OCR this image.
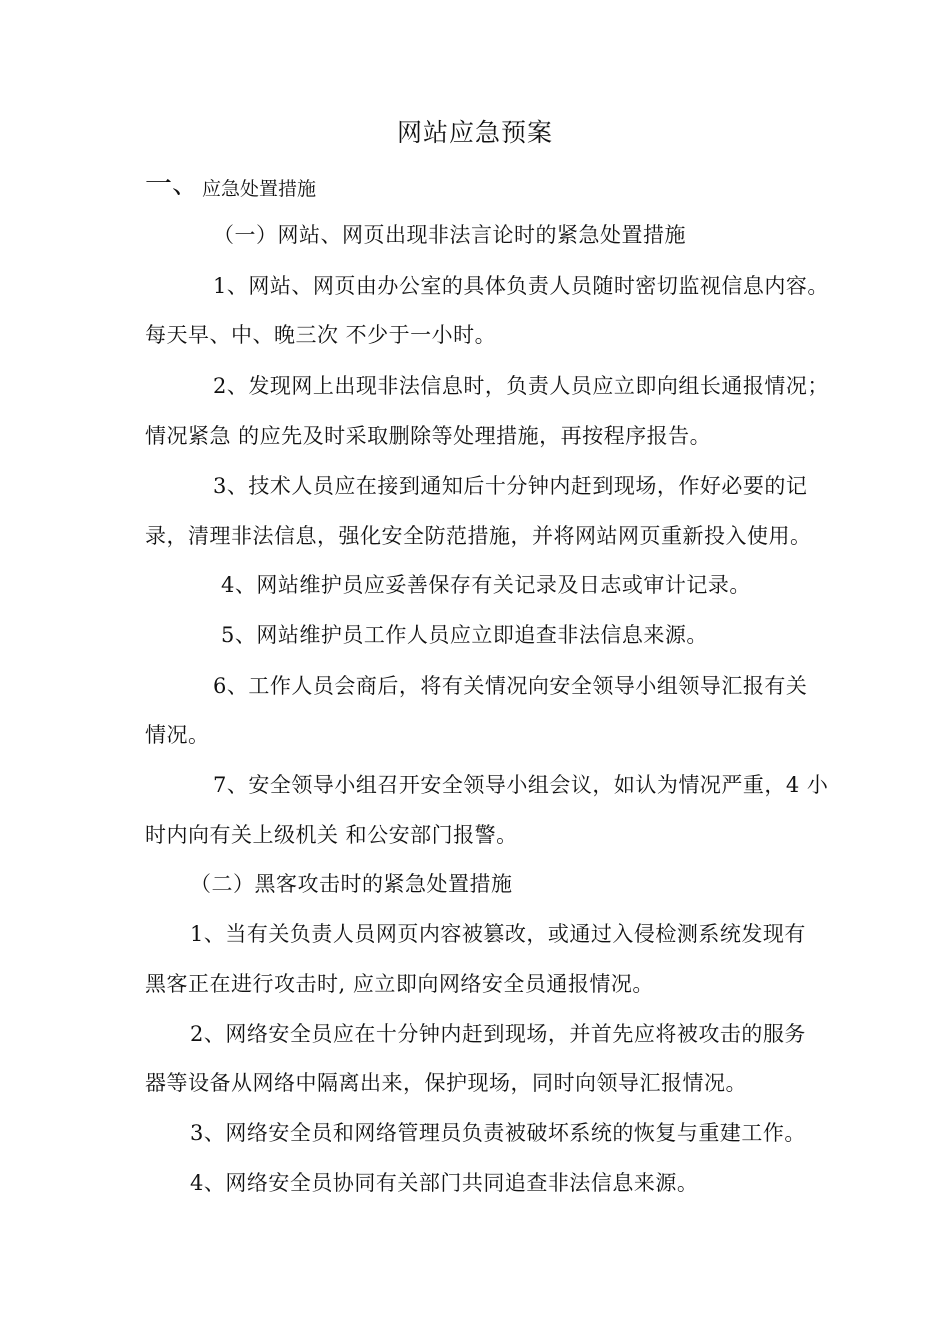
网站应急预案
一、 应急处置措施
（一）网站、网页出现非法言论时的紧急处置措施
1、网站、网页由办公室的具体负责人员随时密切监视信息内容。
每天早、中、晚三次 不少于一小时。
2、发现网上出现非法信息时，负责人员应立即向组长通报情况；
情况紧急 的应先及时采取删除等处理措施，再按程序报告。
3、技术人员应在接到通知后十分钟内赶到现场，作好必要的记
录，清理非法信息，强化安全防范措施，并将网站网页重新投入使用。
4、网站维护员应妥善保存有关记录及日志或审计记录。
5、网站维护员工作人员应立即追查非法信息来源。
6、工作人员会商后，将有关情况向安全领导小组领导汇报有关
情况。
7、安全领导小组召开安全领导小组会议，如认为情况严重，4 小
时内向有关上级机关 和公安部门报警。
（二）黑客攻击时的紧急处置措施
1、当有关负责人员网页内容被篡改，或通过入侵检测系统发现有
黑客正在进行攻击时, 应立即向网络安全员通报情况。
2、网络安全员应在十分钟内赶到现场，并首先应将被攻击的服务
器等设备从网络中隔离出来，保护现场，同时向领导汇报情况。
3、网络安全员和网络管理员负责被破坏系统的恢复与重建工作。
4、网络安全员协同有关部门共同追查非法信息来源。
